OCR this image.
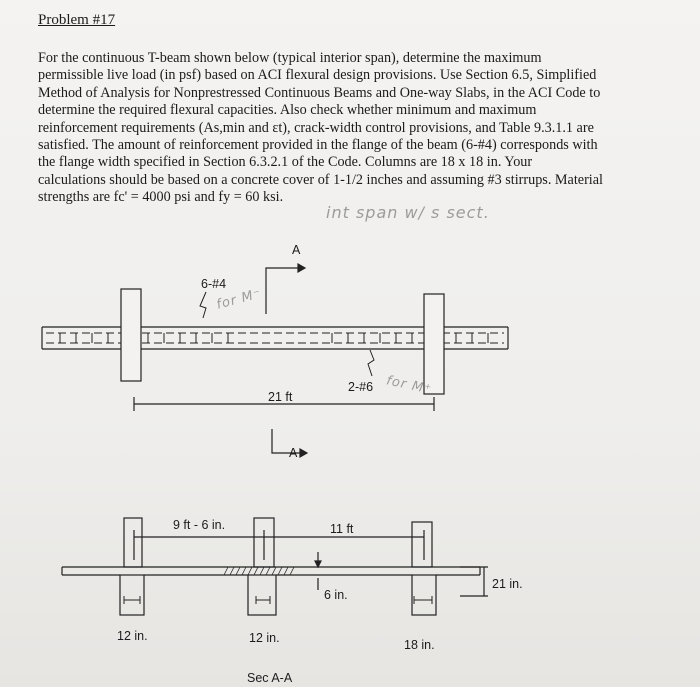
Problem #17

For the continuous T-beam shown below (typical interior span), determine the maximum

permissible live load (in psf) based on ACI flexural design provisions. Use Section 6.5, Simplified

Method of Analysis for Nonprestressed Continuous Beams and One-way Slabs, in the ACI Code to

determine the required flexural capacities. Also check whether minimum and maximum

reinforcement requirements (As,min and εt), crack-width control provisions, and Table 9.3.1.1 are

satisfied. The amount of reinforcement provided in the flange of the beam (6-#4) corresponds with

the flange width specified in Section 6.3.2.1 of the Code. Columns are 18 x 18 in. Your

calculations should be based on a concrete cover of 1-1/2 inches and assuming #3 stirrups. Material

strengths are fc' = 4000 psi and fy = 60 ksi.

int span w/ s sect.
A
A
6-#4
2-#6
21 ft
for M⁻
for M⁺
9 ft - 6 in.	11 ft
6 in.
21 in.
12 in.	12 in.	18 in.
Sec A-A
